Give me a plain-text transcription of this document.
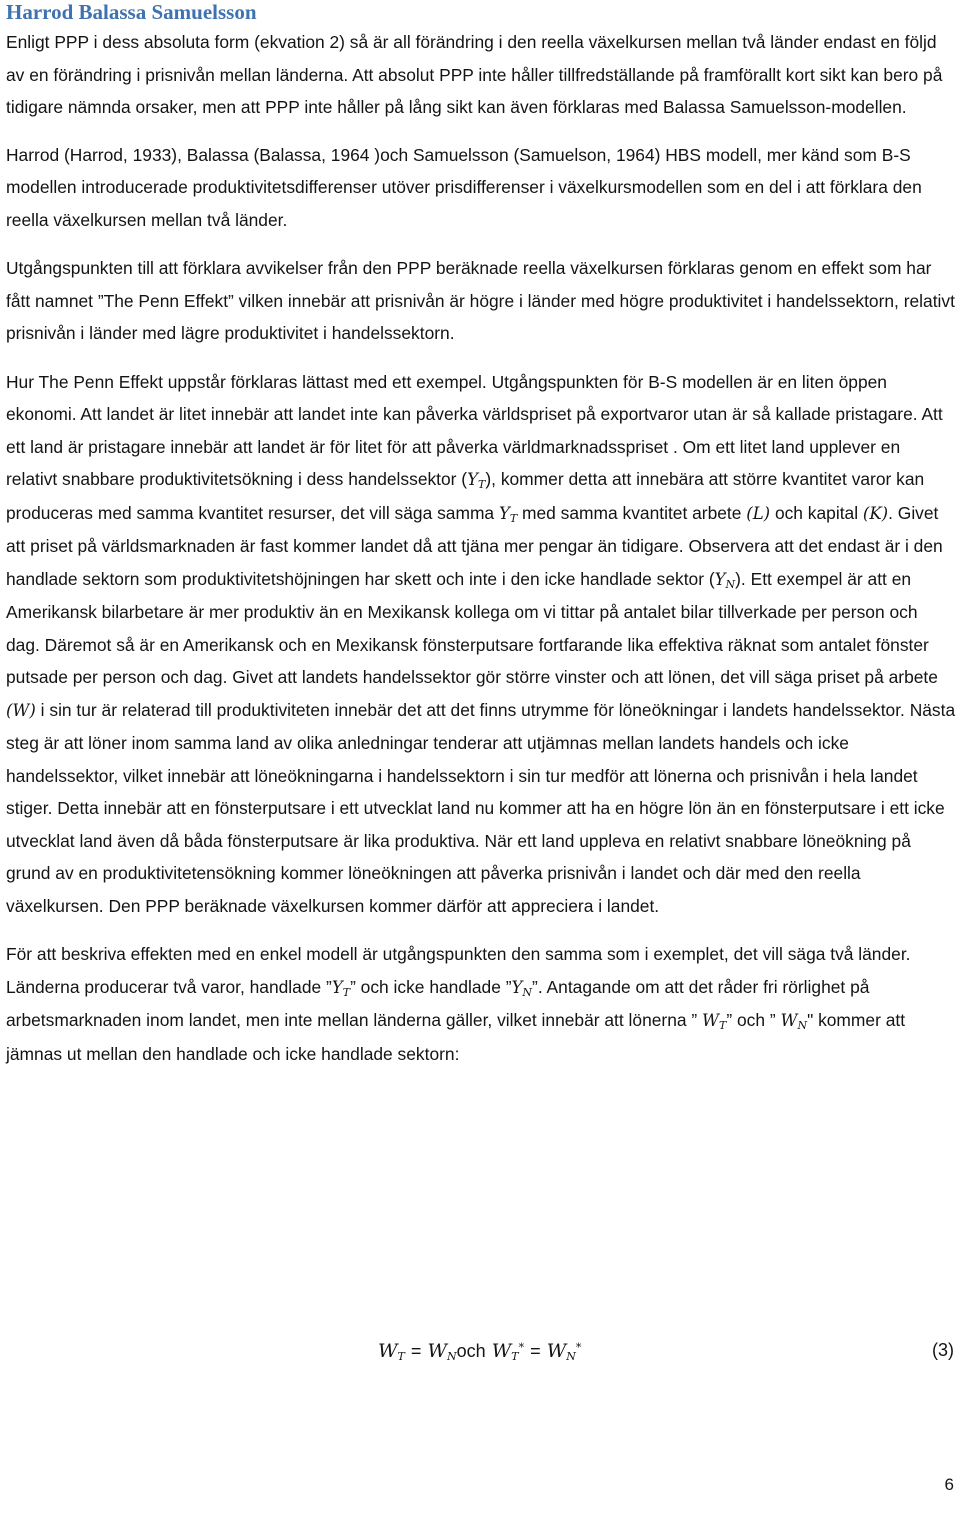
Harrod Balassa Samuelsson

Enligt PPP i dess absoluta form (ekvation 2) så är all förändring i den reella växelkursen mellan två länder endast en följd av en förändring i prisnivån mellan länderna. Att absolut PPP inte håller tillfredställande på framförallt kort sikt kan bero på tidigare nämnda orsaker, men att PPP inte håller på lång sikt kan även förklaras med Balassa Samuelsson-modellen.

Harrod (Harrod, 1933), Balassa (Balassa, 1964 )och Samuelsson (Samuelson, 1964) HBS modell, mer känd som B-S modellen introducerade produktivitetsdifferenser utöver prisdifferenser i växelkursmodellen som en del i att förklara den reella växelkursen mellan två länder.

Utgångspunkten till att förklara avvikelser från den PPP beräknade reella växelkursen förklaras genom en effekt som har fått namnet ”The Penn Effekt” vilken innebär att prisnivån är högre i länder med högre produktivitet i handelssektorn, relativt prisnivån i länder med lägre produktivitet i handelssektorn.

Hur The Penn Effekt uppstår förklaras lättast med ett exempel. Utgångspunkten för B-S modellen är en liten öppen ekonomi. Att landet är litet innebär att landet inte kan påverka världspriset på exportvaror utan är så kallade pristagare. Att ett land är pristagare innebär att landet är för litet för att påverka världmarknadsspriset . Om ett litet land upplever en relativt snabbare produktivitetsökning i dess handelssektor $(Y_T)$, kommer detta att innebära att större kvantitet varor kan produceras med samma kvantitet resurser, det vill säga samma $Y_T$ med samma kvantitet arbete (L) och kapital (K). Givet att priset på världsmarknaden är fast kommer landet då att tjäna mer pengar än tidigare. Observera att det endast är i den handlade sektorn som produktivitetshöjningen har skett och inte i den icke handlade sektor $(Y_N)$. Ett exempel är att en Amerikansk bilarbetare är mer produktiv än en Mexikansk kollega om vi tittar på antalet bilar tillverkade per person och dag. Däremot så är en Amerikansk och en Mexikansk fönsterputsare fortfarande lika effektiva räknat som antalet fönster putsade per person och dag. Givet att landets handelssektor gör större vinster och att lönen, det vill säga priset på arbete (W) i sin tur är relaterad till produktiviteten innebär det att det finns utrymme för löneökningar i landets handelssektor. Nästa steg är att löner inom samma land av olika anledningar tenderar att utjämnas mellan landets handels och icke handelssektor, vilket innebär att löneökningarna i handelssektorn i sin tur medför att lönerna och prisnivån i hela landet stiger. Detta innebär att en fönsterputsare i ett utvecklat land nu kommer att ha en högre lön än en fönsterputsare i ett icke utvecklat land även då båda fönsterputsare är lika produktiva. När ett land uppleva en relativt snabbare löneökning på grund av en produktivitetensökning kommer löneökningen att påverka prisnivån i landet och där med den reella växelkursen. Den PPP beräknade växelkursen kommer därför att appreciera i landet.

För att beskriva effekten med en enkel modell är utgångspunkten den samma som i exemplet, det vill säga två länder. Länderna producerar två varor, handlade $”Y_T$” och icke handlade $”Y_N$”. Antagande om att det råder fri rörlighet på arbetsmarknaden inom landet, men inte mellan länderna gäller, vilket innebär att lönerna ” $W_T$” och ” $W_N$" kommer att jämnas ut mellan den handlade och icke handlade sektorn:

$W_T = W_Noch$ $W_T^* = W_N^*$	(3)
6
